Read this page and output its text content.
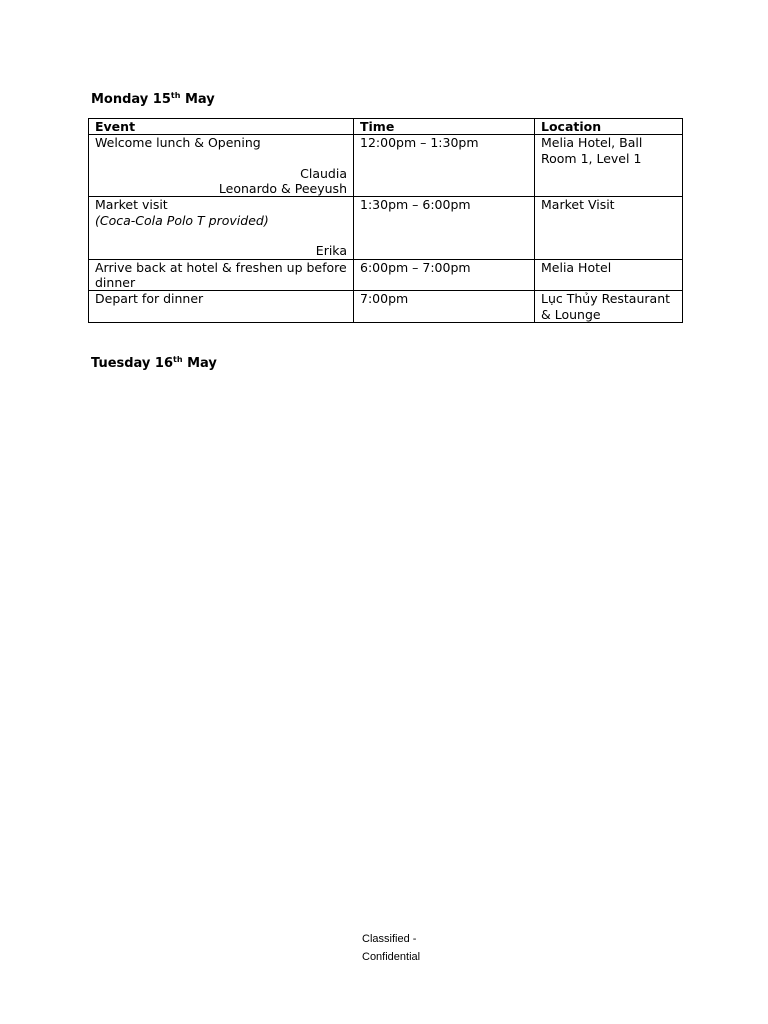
Monday 15th May
Event	Time	Location

Welcome lunch & Opening
Claudia
Leonardo & Peeyush	12:00pm – 1:30pm	Melia Hotel, Ball Room 1, Level 1

Market visit
(Coca-Cola Polo T provided)
Erika	1:30pm – 6:00pm	Market Visit
Arrive back at hotel & freshen up before dinner	6:00pm – 7:00pm	Melia Hotel
Depart for dinner	7:00pm	Lục Thủy Restaurant & Lounge
Tuesday 16th May
Classified - Confidential
